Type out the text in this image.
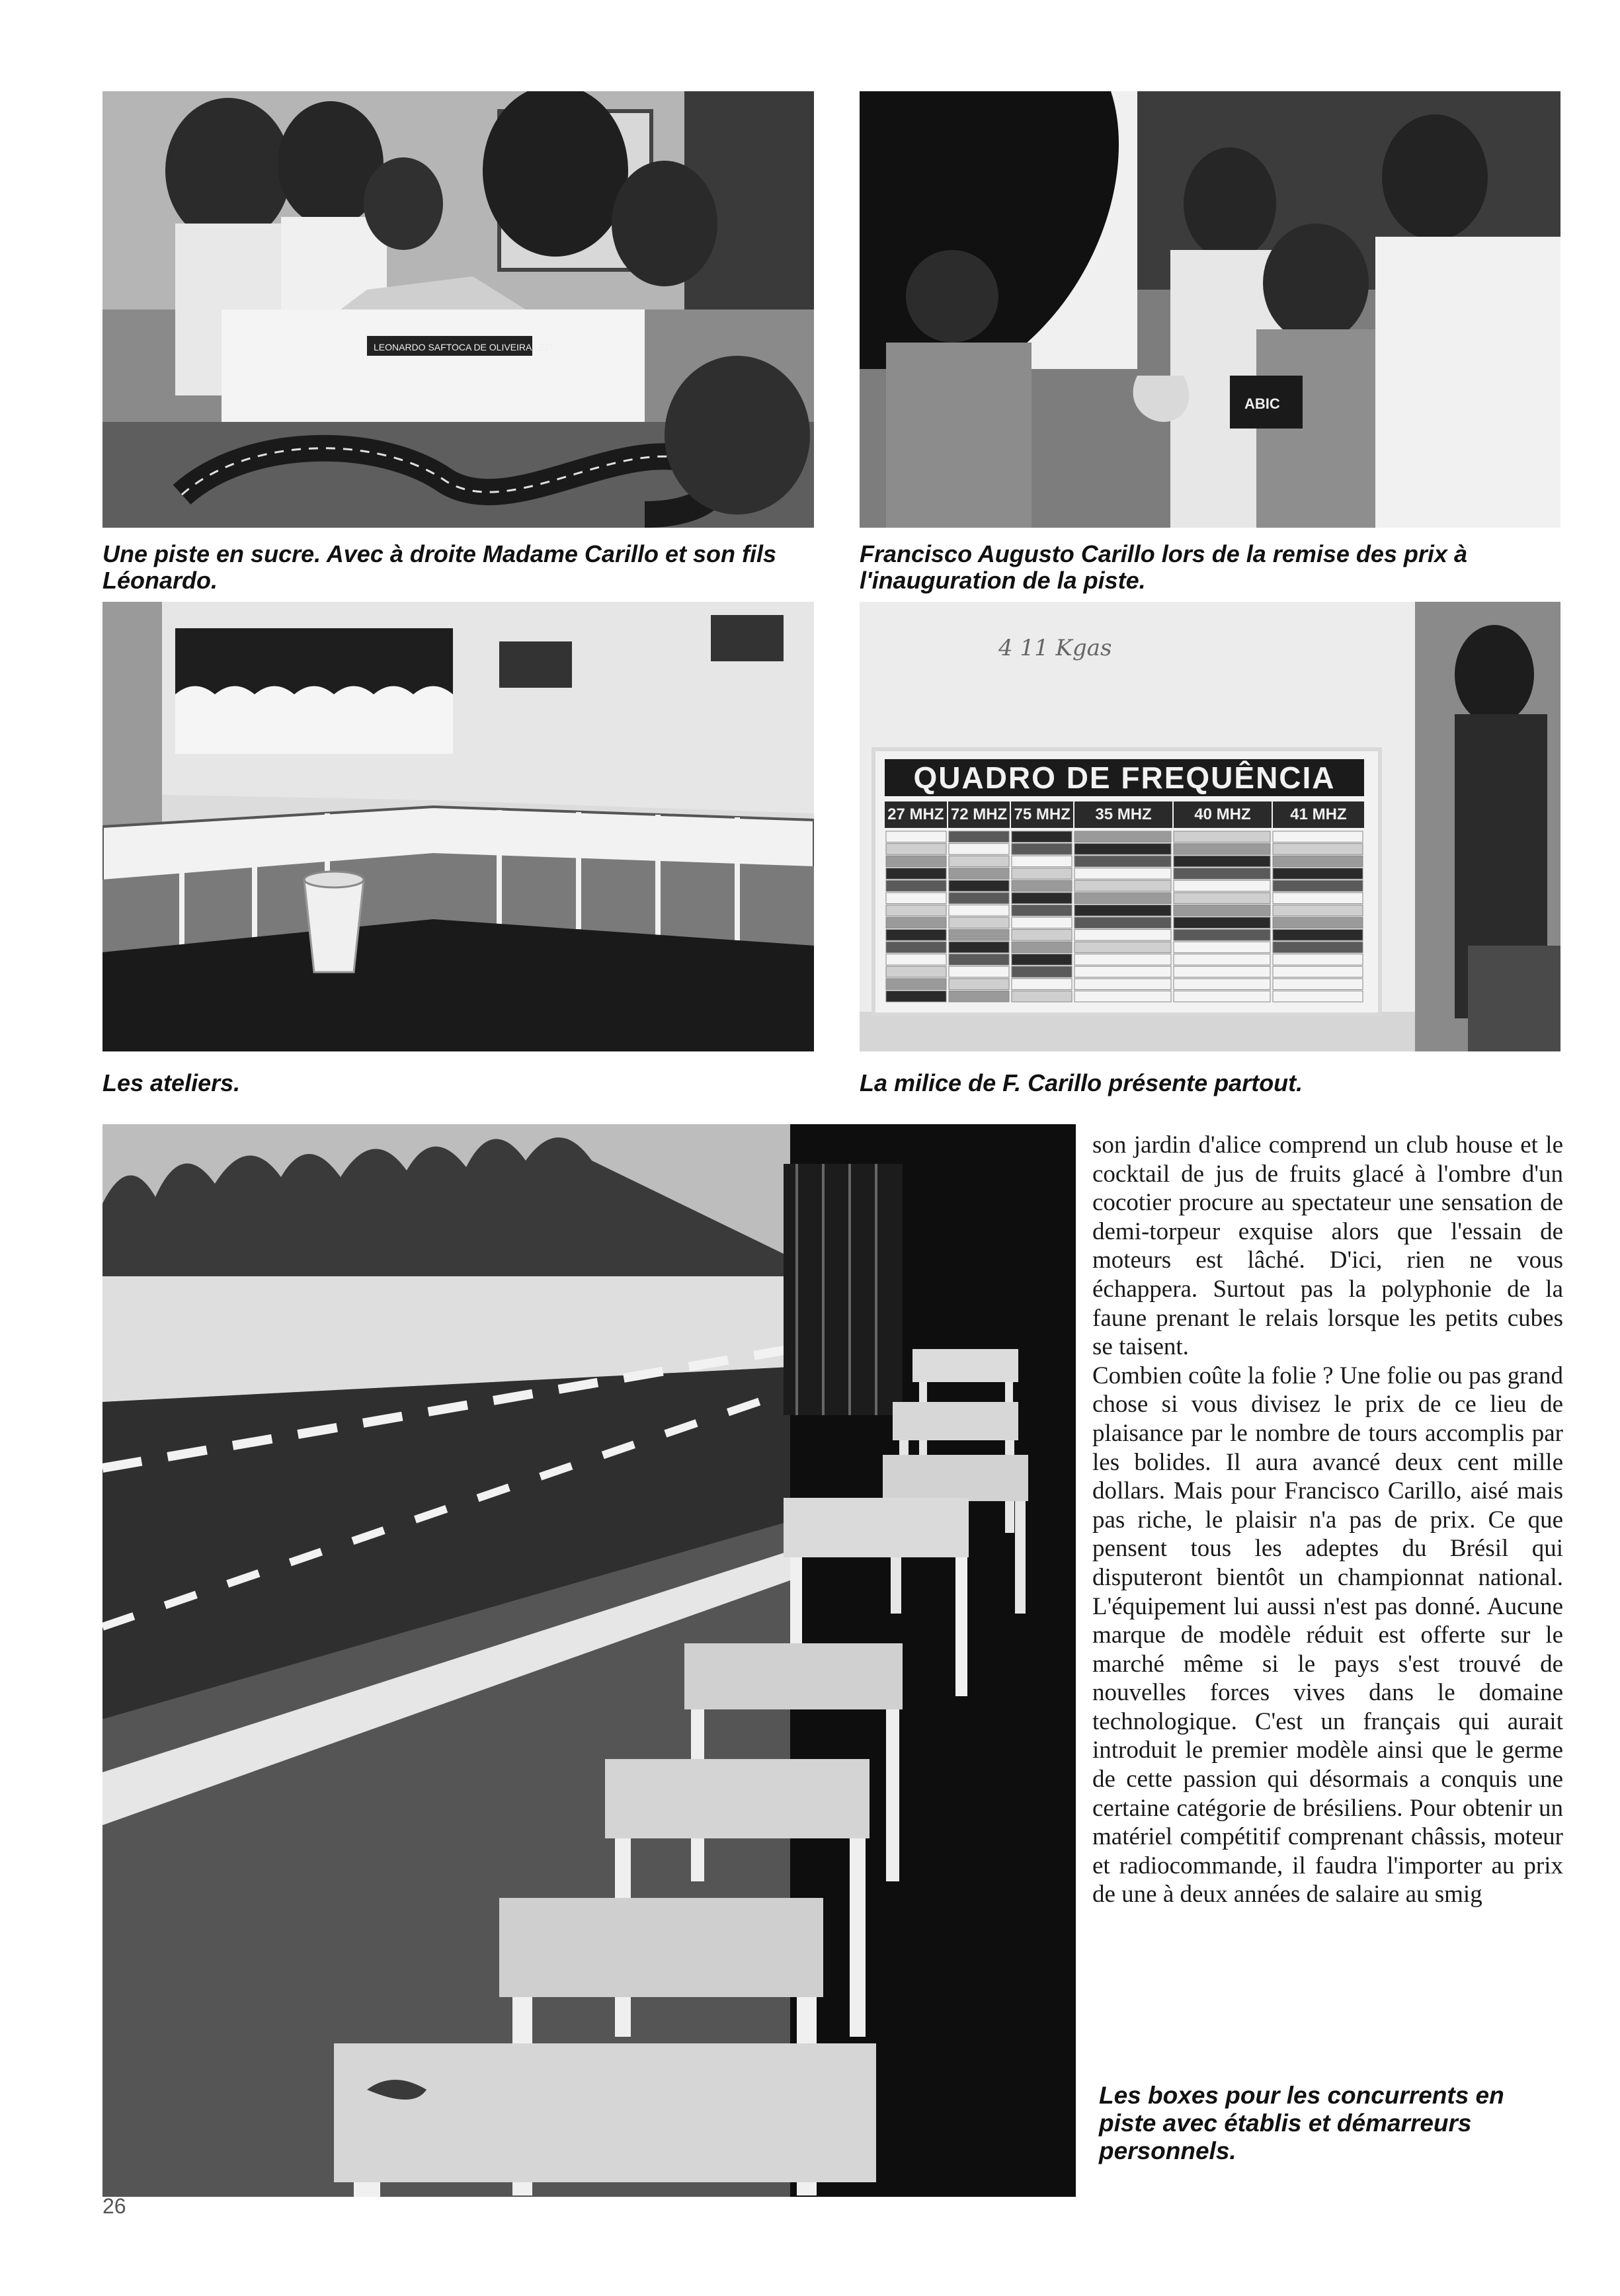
LEONARDO SAFTOCA DE OLIVEIRA LEIT
ABIC

Une piste en sucre. Avec à droite Madame Carillo et son fils Léonardo.

Francisco Augusto Carillo lors de la remise des prix à l'inauguration de la piste.

4 11 Kgas
QUADRO DE FREQUÊNCIA
27 MHZ 72 MHZ 75 MHZ	35 MHZ	40 MHZ	41 MHZ

Les ateliers.	La milice de F. Carillo présente partout.

son jardin d'alice comprend un club house et le cocktail de jus de fruits glacé à l'ombre d'un cocotier procure au spectateur une sensation de demi-torpeur exquise alors que l'essain de moteurs est lâché. D'ici, rien ne vous échappera. Surtout pas la polyphonie de la faune prenant le relais lorsque les petits cubes se taisent.

Combien coûte la folie ? Une folie ou pas grand chose si vous divisez le prix de ce lieu de plaisance par le nombre de tours accomplis par les bolides. Il aura avancé deux cent mille dollars. Mais pour Francisco Carillo, aisé mais pas riche, le plaisir n'a pas de prix. Ce que pensent tous les adeptes du Brésil qui disputeront bientôt un championnat national. L'équipement lui aussi n'est pas donné. Aucune marque de modèle réduit est offerte sur le marché même si le pays s'est trouvé de nouvelles forces vives dans le domaine technologique. C'est un français qui aurait introduit le premier modèle ainsi que le germe de cette passion qui désormais a conquis une certaine catégorie de brésiliens. Pour obtenir un matériel compétitif comprenant châssis, moteur et radiocommande, il faudra l'importer au prix de une à deux années de salaire au smig

Les boxes pour les concurrents en piste avec établis et démarreurs personnels.

26
